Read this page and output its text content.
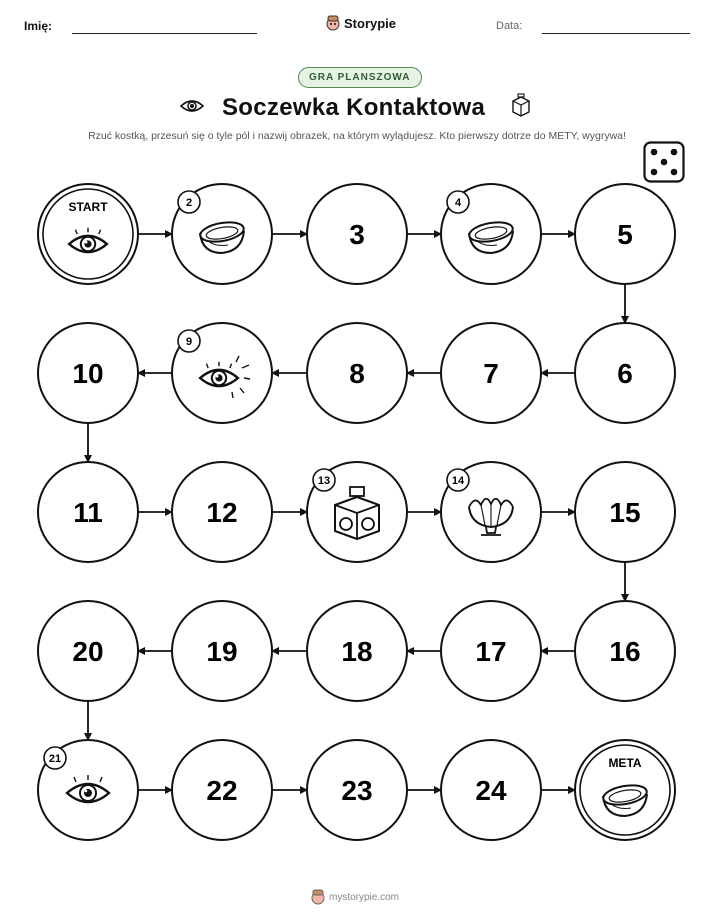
Imię:	Storypie	Data:
GRA PLANSZOWA
Soczewka Kontaktowa
Rzuć kostką, przesuń się o tyle pól i nazwij obrazek, na którym wylądujesz. Kto pierwszy dotrze do METY, wygrywa!
START	2
3
4
5
6
7
8
9
10
11	12
13	14
15
16
17
18
19
20
21
22	23	24
META
mystorypie.com
